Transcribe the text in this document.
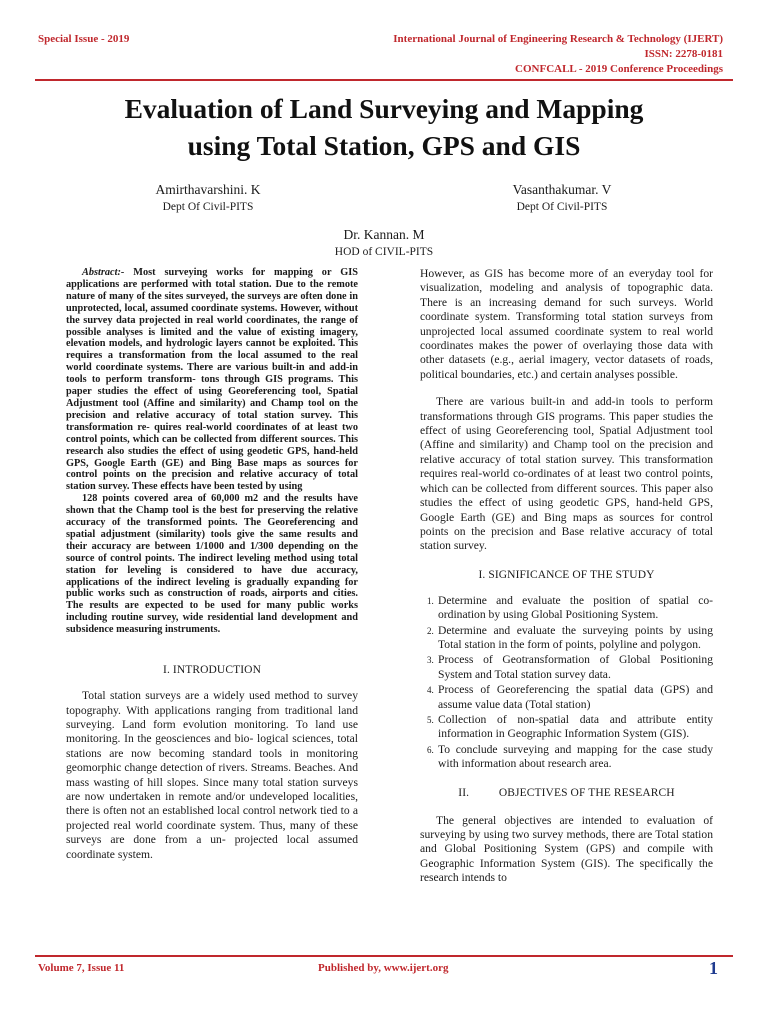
Special Issue - 2019	International Journal of Engineering Research & Technology (IJERT)
ISSN: 2278-0181
CONFCALL - 2019 Conference Proceedings
Evaluation of Land Surveying and Mapping
using Total Station, GPS and GIS
Amirthavarshini. K
Dept Of Civil-PITS
Vasanthakumar. V
Dept Of Civil-PITS
Dr. Kannan. M
HOD of CIVIL-PITS

Abstract:- Most surveying works for mapping or GIS applications are performed with total station. Due to the remote nature of many of the sites surveyed, the surveys are often done in unprotected, local, assumed coordinate systems. However, without the survey data projected in real world coordinates, the range of possible analyses is limited and the value of existing imagery, elevation models, and hydrologic layers cannot be exploited. This requires a transformation from the local assumed to the real world coordinate systems. There are various built-in and add-in tools to perform transform- tons through GIS programs. This paper studies the effect of using Georeferencing tool, Spatial Adjustment tool (Affine and similarity) and Champ tool on the precision and relative accuracy of total station survey. This transformation re- quires real-world coordinates of at least two control points, which can be collected from different sources. This research also studies the effect of using geodetic GPS, hand-held GPS, Google Earth (GE) and Bing Base maps as sources for control points on the precision and relative accuracy of total station survey. These effects have been tested by using

128 points covered area of 60,000 m2 and the results have shown that the Champ tool is the best for preserving the relative accuracy of the transformed points. The Georeferencing and spatial adjustment (similarity) tools give the same results and their accuracy are between 1/1000 and 1/300 depending on the source of control points. The indirect leveling method using total station for leveling is considered to have due accuracy, applications of the indirect leveling is gradually expanding for public works such as construction of roads, airports and cities. The results are expected to be used for many public works including routine survey, wide residential land development and subsidence measuring instruments.

I. INTRODUCTION

Total station surveys are a widely used method to survey topography. With applications ranging from traditional land surveying. Land form evolution monitoring. To land use monitoring. In the geosciences and bio- logical sciences, total stations are now becoming standard tools in monitoring geomorphic change detection of rivers. Streams. Beaches. And mass wasting of hill slopes. Since many total station surveys are now undertaken in remote and/or undeveloped localities, there is often not an established local control network tied to a projected real world coordinate system. Thus, many of these surveys are done from a un- projected local assumed coordinate system.

However, as GIS has become more of an everyday tool for visualization, modeling and analysis of topographic data. There is an increasing demand for such surveys. World coordinate system. Transforming total station surveys from unprojected local assumed coordinate system to real world coordinates makes the power of overlaying those data with other datasets (e.g., aerial imagery, vector datasets of roads, political boundaries, etc.) and certain analyses possible.

There are various built-in and add-in tools to perform transformations through GIS programs. This paper studies the effect of using Georeferencing tool, Spatial Adjustment tool (Affine and similarity) and Champ tool on the precision and relative accuracy of total station survey. This transformation requires real-world co-ordinates of at least two control points, which can be collected from different sources. This paper also studies the effect of using geodetic GPS, hand-held GPS, Google Earth (GE) and Bing maps as sources for control points on the precision and Base relative accuracy of total station survey.

I. SIGNIFICANCE OF THE STUDY
1. Determine and evaluate the position of spatial co-ordination by using Global Positioning System.
2. Determine and evaluate the surveying points by using Total station in the form of points, polyline and polygon.
3. Process of Geotransformation of Global Positioning System and Total station survey data.
4. Process of Georeferencing the spatial data (GPS) and assume value data (Total station)
5. Collection of non-spatial data and attribute entity information in Geographic Information System (GIS).
6. To conclude surveying and mapping for the case study with information about research area.
II.          OBJECTIVES OF THE RESEARCH

The general objectives are intended to evaluation of surveying by using two survey methods, there are Total station and Global Positioning System (GPS) and compile with Geographic Information System (GIS). The specifically the research intends to

Volume 7, Issue 11	Published by, www.ijert.org	1
